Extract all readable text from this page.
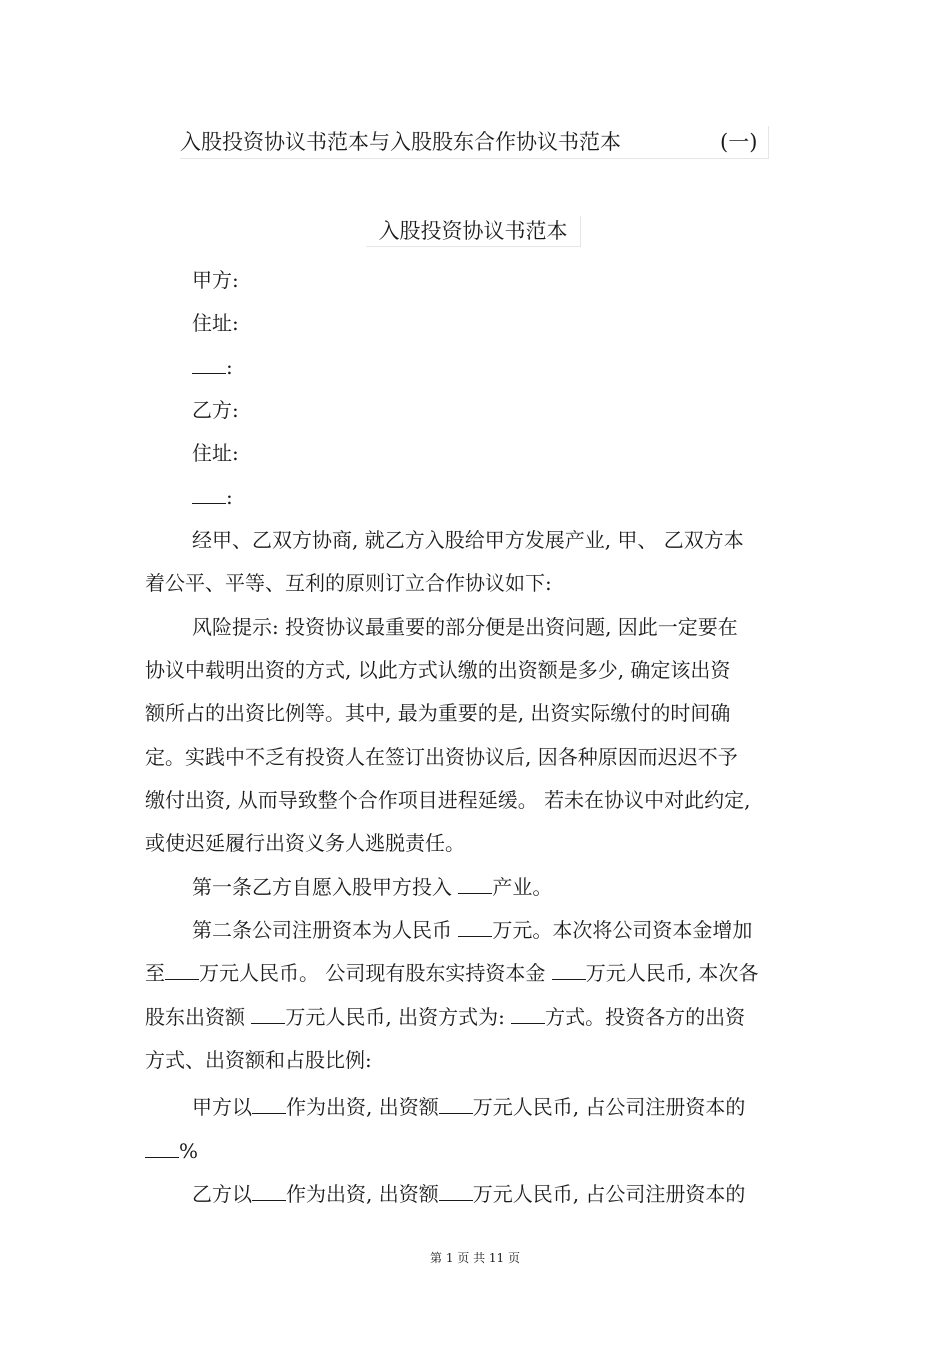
入股投资协议书范本与入股股东合作协议书范本	(一)
入股投资协议书范本
甲方:
住址:
:
乙方:
住址:
:
经甲、乙双方协商, 就乙方入股给甲方发展产业, 甲、 乙双方本
着公平、平等、互利的原则订立合作协议如下:
风险提示: 投资协议最重要的部分便是出资问题, 因此一定要在
协议中载明出资的方式, 以此方式认缴的出资额是多少, 确定该出资
额所占的出资比例等。其中, 最为重要的是, 出资实际缴付的时间确
定。实践中不乏有投资人在签订出资协议后, 因各种原因而迟迟不予
缴付出资, 从而导致整个合作项目进程延缓。 若未在协议中对此约定,
或使迟延履行出资义务人逃脱责任。
第一条乙方自愿入股甲方投入 产业。
第二条公司注册资本为人民币 万元。本次将公司资本金增加
至 万元人民币。 公司现有股东实持资本金 万元人民币, 本次各
股东出资额 万元人民币, 出资方式为: 方式。投资各方的出资
方式、出资额和占股比例:
甲方以 作为出资, 出资额 万元人民币, 占公司注册资本的
%
乙方以 作为出资, 出资额 万元人民币, 占公司注册资本的
第 1 页 共 11 页
